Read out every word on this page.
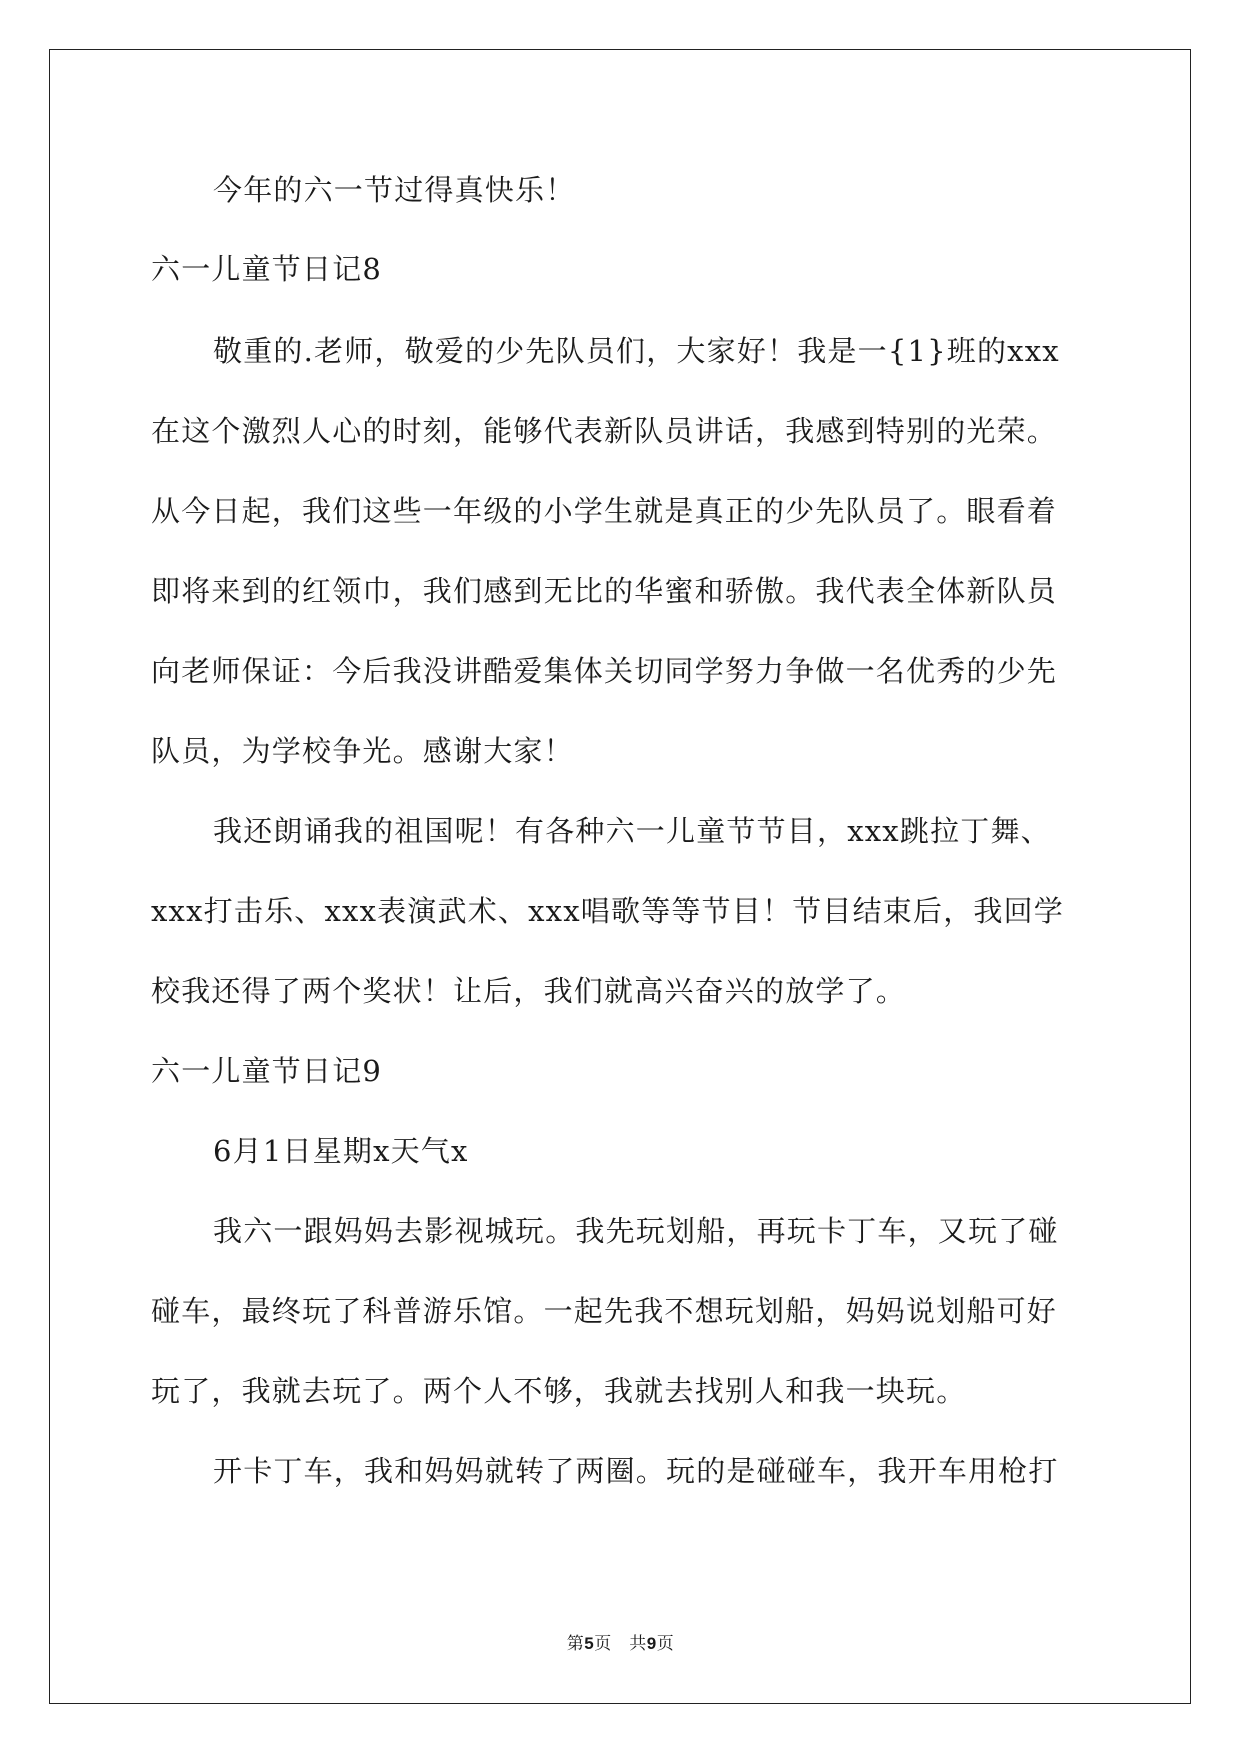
今年的六一节过得真快乐！
六一儿童节日记8
敬重的.老师，敬爱的少先队员们，大家好！我是一{1}班的xxx
在这个激烈人心的时刻，能够代表新队员讲话，我感到特别的光荣。
从今日起，我们这些一年级的小学生就是真正的少先队员了。眼看着
即将来到的红领巾，我们感到无比的华蜜和骄傲。我代表全体新队员
向老师保证：今后我没讲酷爱集体关切同学努力争做一名优秀的少先
队员，为学校争光。感谢大家！
我还朗诵我的祖国呢！有各种六一儿童节节目，xxx跳拉丁舞、
xxx打击乐、xxx表演武术、xxx唱歌等等节目！节目结束后，我回学
校我还得了两个奖状！让后，我们就高兴奋兴的放学了。
六一儿童节日记9
6月1日星期x天气x
我六一跟妈妈去影视城玩。我先玩划船，再玩卡丁车，又玩了碰
碰车，最终玩了科普游乐馆。一起先我不想玩划船，妈妈说划船可好
玩了，我就去玩了。两个人不够，我就去找别人和我一块玩。
开卡丁车，我和妈妈就转了两圈。玩的是碰碰车，我开车用枪打
第5页　共9页
